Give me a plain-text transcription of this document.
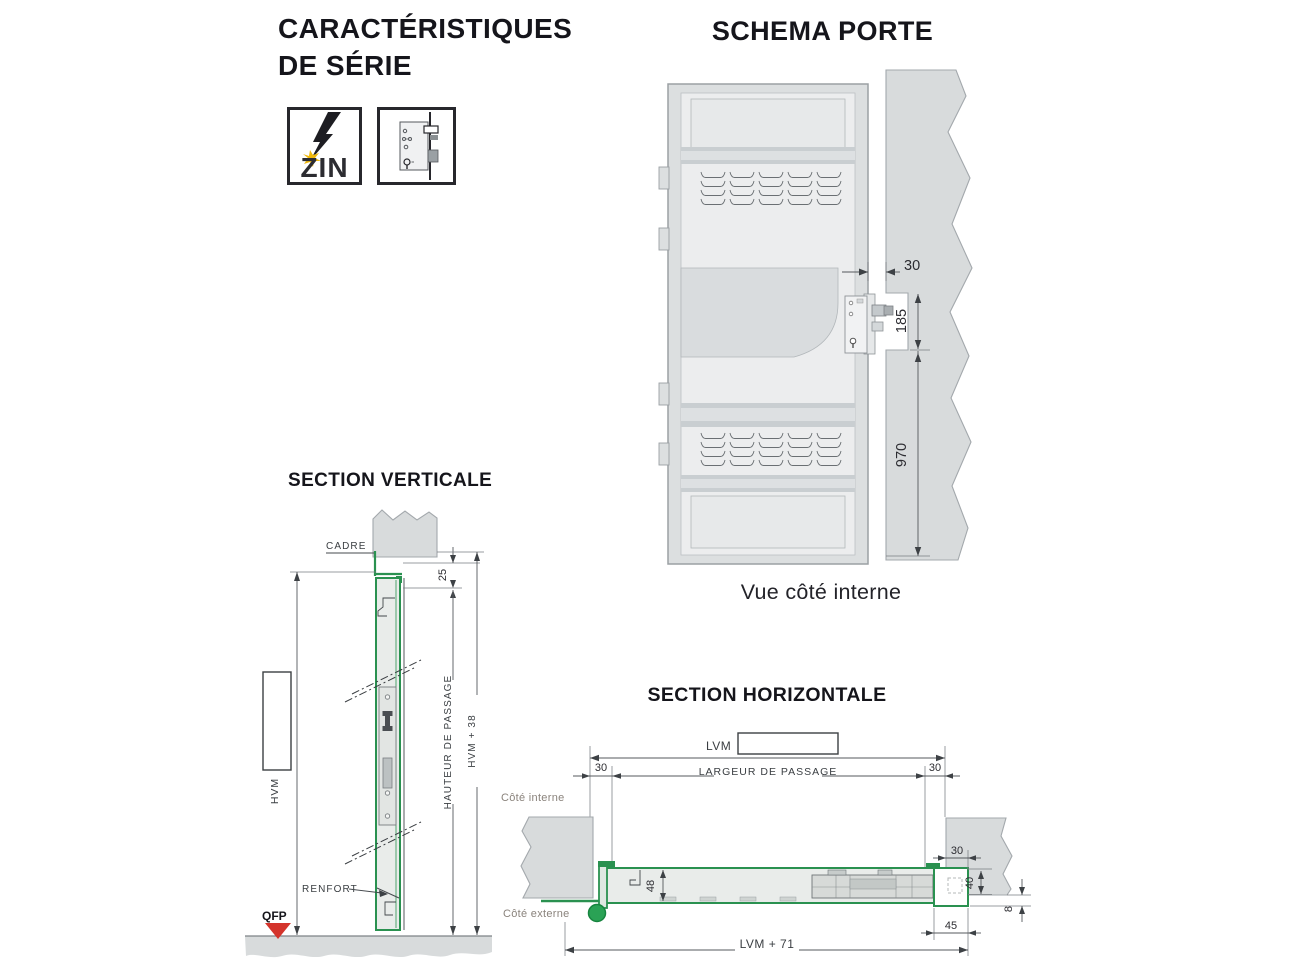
CARACTÉRISTIQUES
DE SÉRIE
ZIN
SCHEMA PORTE
30
185
970
Vue côté interne
SECTION VERTICALE
CADRE
RENFORT
QFP
HVM
25
HAUTEUR DE PASSAGE HVM + 38
SECTION HORIZONTALE
LVM
30	LARGEUR DE PASSAGE	30
Côté interne
Côté externe
48
30
40
8
45
LVM + 71
